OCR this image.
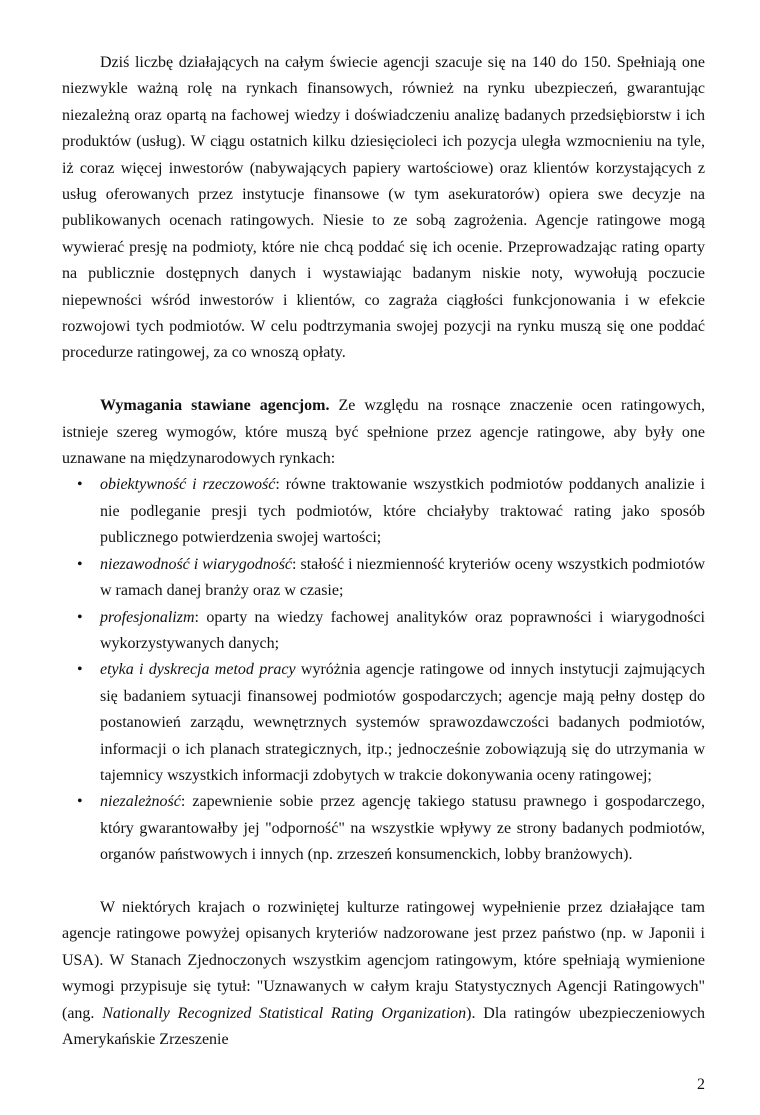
Dziś liczbę działających na całym świecie agencji szacuje się na 140 do 150. Spełniają one niezwykle ważną rolę na rynkach finansowych, również na rynku ubezpieczeń, gwarantując niezależną oraz opartą na fachowej wiedzy i doświadczeniu analizę badanych przedsiębiorstw i ich produktów (usług). W ciągu ostatnich kilku dziesięcioleci ich pozycja uległa wzmocnieniu na tyle, iż coraz więcej inwestorów (nabywających papiery wartościowe) oraz klientów korzystających z usług oferowanych przez instytucje finansowe (w tym asekuratorów) opiera swe decyzje na publikowanych ocenach ratingowych. Niesie to ze sobą zagrożenia. Agencje ratingowe mogą wywierać presję na podmioty, które nie chcą poddać się ich ocenie. Przeprowadzając rating oparty na publicznie dostępnych danych i wystawiając badanym niskie noty, wywołują poczucie niepewności wśród inwestorów i klientów, co zagraża ciągłości funkcjonowania i w efekcie rozwojowi tych podmiotów. W celu podtrzymania swojej pozycji na rynku muszą się one poddać procedurze ratingowej, za co wnoszą opłaty.

Wymagania stawiane agencjom. Ze względu na rosnące znaczenie ocen ratingowych, istnieje szereg wymogów, które muszą być spełnione przez agencje ratingowe, aby były one uznawane na międzynarodowych rynkach:

• obiektywność i rzeczowość: równe traktowanie wszystkich podmiotów poddanych analizie i nie podleganie presji tych podmiotów, które chciałyby traktować rating jako sposób publicznego potwierdzenia swojej wartości;
• niezawodność i wiarygodność: stałość i niezmienność kryteriów oceny wszystkich podmiotów w ramach danej branży oraz w czasie;
• profesjonalizm: oparty na wiedzy fachowej analityków oraz poprawności i wiarygodności wykorzystywanych danych;
• etyka i dyskrecja metod pracy wyróżnia agencje ratingowe od innych instytucji zajmujących się badaniem sytuacji finansowej podmiotów gospodarczych; agencje mają pełny dostęp do postanowień zarządu, wewnętrznych systemów sprawozdawczości badanych podmiotów, informacji o ich planach strategicznych, itp.; jednocześnie zobowiązują się do utrzymania w tajemnicy wszystkich informacji zdobytych w trakcie dokonywania oceny ratingowej;
• niezależność: zapewnienie sobie przez agencję takiego statusu prawnego i gospodarczego, który gwarantowałby jej "odporność" na wszystkie wpływy ze strony badanych podmiotów, organów państwowych i innych (np. zrzeszeń konsumenckich, lobby branżowych).

W niektórych krajach o rozwiniętej kulturze ratingowej wypełnienie przez działające tam agencje ratingowe powyżej opisanych kryteriów nadzorowane jest przez państwo (np. w Japonii i USA). W Stanach Zjednoczonych wszystkim agencjom ratingowym, które spełniają wymienione wymogi przypisuje się tytuł: "Uznawanych w całym kraju Statystycznych Agencji Ratingowych" (ang. Nationally Recognized Statistical Rating Organization). Dla ratingów ubezpieczeniowych Amerykańskie Zrzeszenie

2
